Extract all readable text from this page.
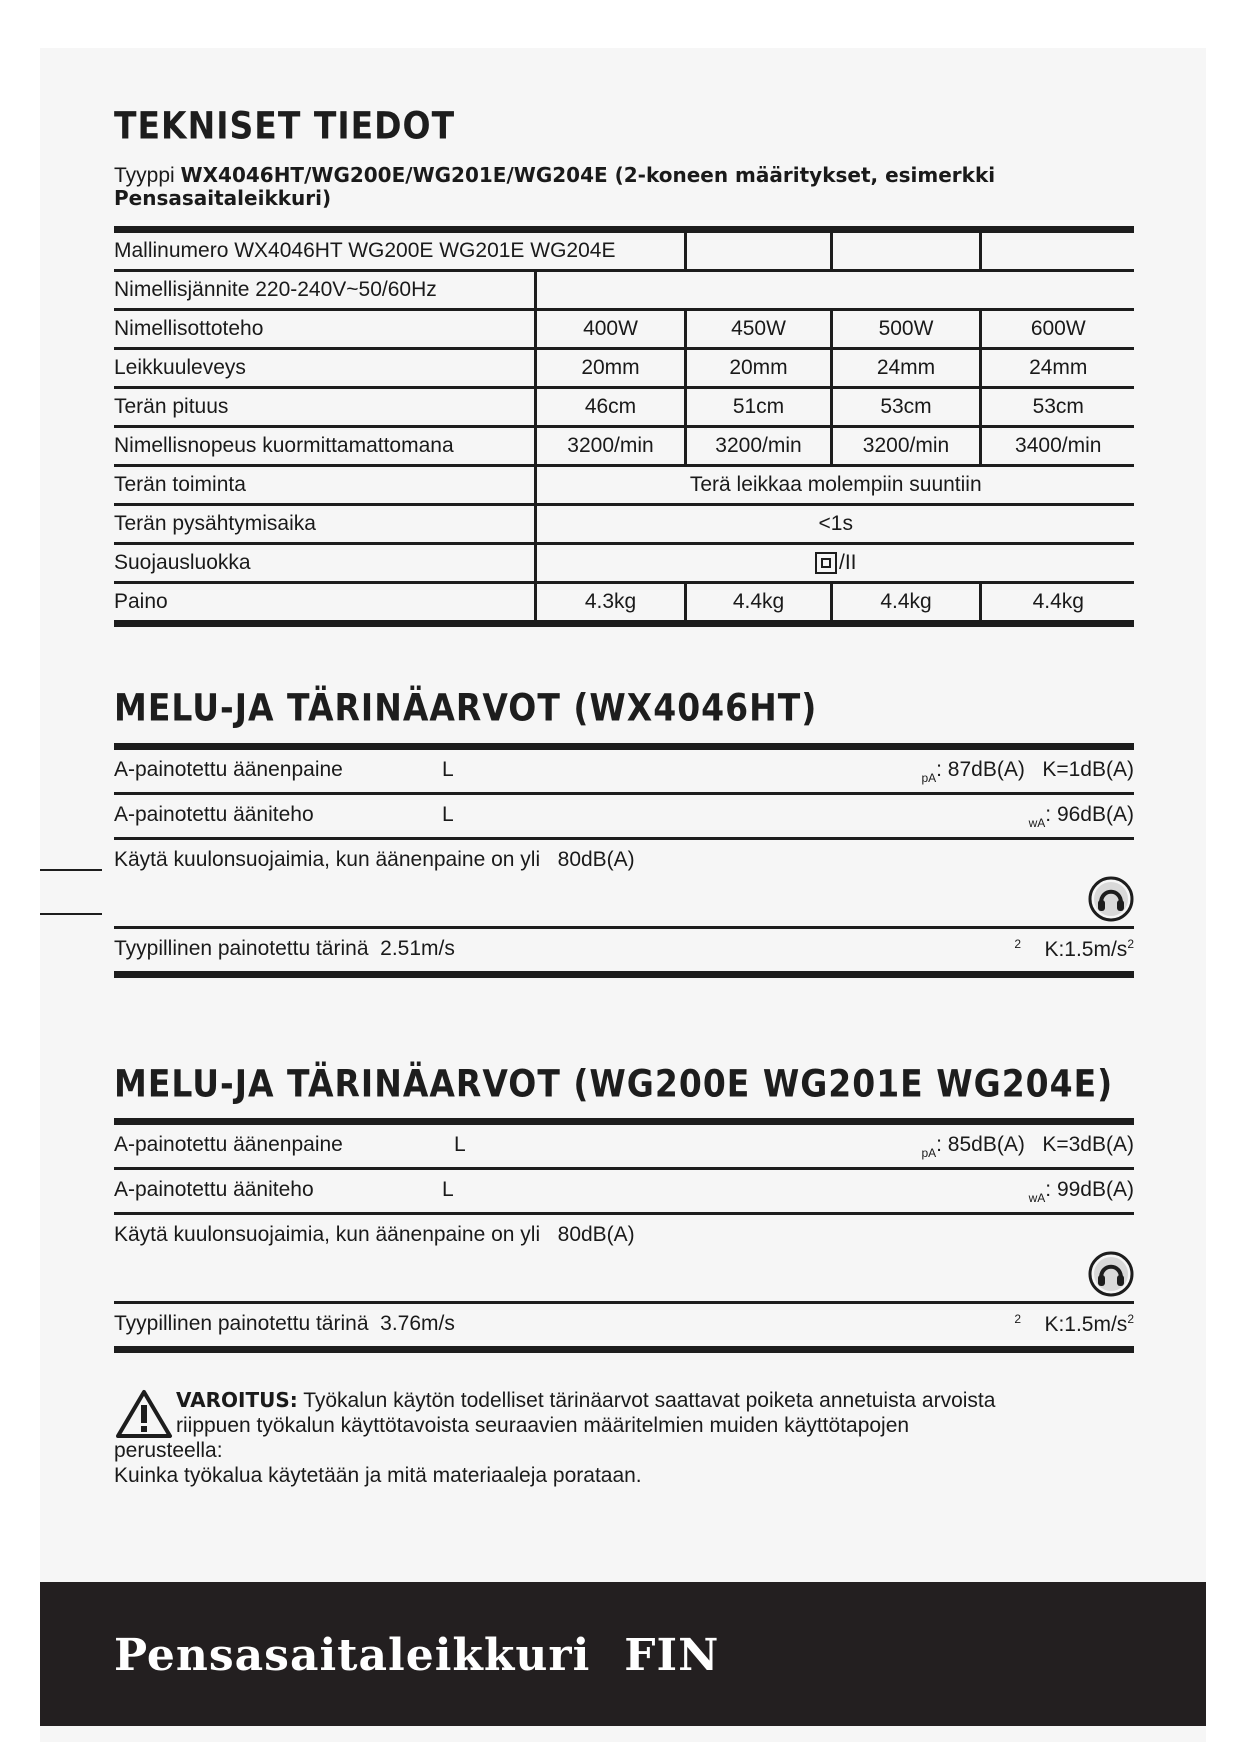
TEKNISET TIEDOT
Tyyppi WX4046HT/WG200E/WG201E/WG204E (2-koneen määritykset, esimerkki Pensasaitaleikkuri)
Mallinumero WX4046HT WG200E WG201E WG204E				
Nimellisjännite 220-240V~50/60Hz				
Nimellisottoteho	400W	450W	500W	600W
Leikkuuleveys	20mm	20mm	24mm	24mm
Terän pituus	46cm	51cm	53cm	53cm
Nimellisnopeus kuormittamattomana	3200/min	3200/min	3200/min	3400/min
Terän toiminta	Terä leikkaa molempiin suuntiin			
Terän pysähtymisaika	<1s			
Suojausluokka	/II			
Paino	4.3kg	4.4kg	4.4kg	4.4kg
MELU-JA TÄRINÄARVOT (WX4046HT)
A-painotettu äänenpaine	L	$_{pA}$: 87dB(A) K=1dB(A)
A-painotettu ääniteho	L	$_{wA}$: 96dB(A)
Käytä kuulonsuojaimia, kun äänenpaine on yli 80dB(A)
Tyypillinen painotettu tärinä 2.51m/s	$^2$ $K:1.5m/s^2$
MELU-JA TÄRINÄARVOT (WG200E WG201E WG204E)
A-painotettu äänenpaine	L	$_{pA}$: 85dB(A) K=3dB(A)
A-painotettu ääniteho	L	$_{wA}$: 99dB(A)
Käytä kuulonsuojaimia, kun äänenpaine on yli 80dB(A)
Tyypillinen painotettu tärinä 3.76m/s	$^2$ $K:1.5m/s^2$
VAROITUS: Työkalun käytön todelliset tärinäarvot saattavat poiketa annetuista arvoista
riippuen työkalun käyttötavoista seuraavien määritelmien muiden käyttötapojen
perusteella:
Kuinka työkalua käytetään ja mitä materiaaleja porataan.
Pensasaitaleikkuri FIN
